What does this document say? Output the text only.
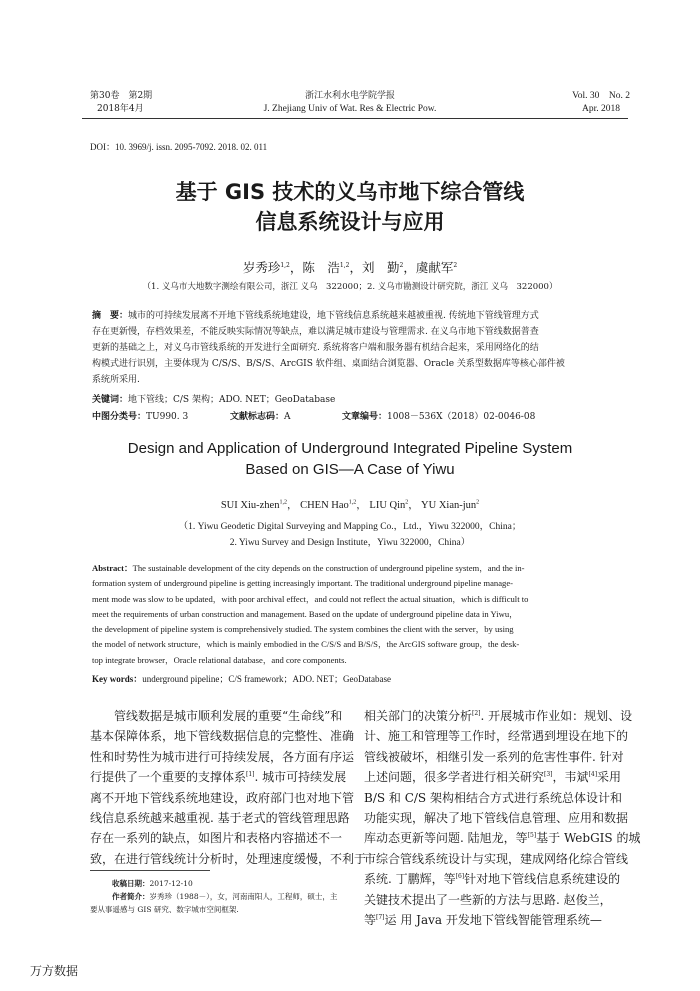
第30卷　第2期
2018年4月
浙江水利水电学院学报
J. Zhejiang Univ of Wat. Res & Electric Pow.
Vol. 30　No. 2
Apr. 2018
DOI：10. 3969/j. issn. 2095-7092. 2018. 02. 011
基于 GIS 技术的义乌市地下综合管线
信息系统设计与应用
岁秀珍$^{1,2}$，陈　浩$^{1,2}$，刘　勤$^2$，虞献军$^2$
（1. 义乌市大地数字测绘有限公司，浙江 义乌　322000；2. 义乌市勘测设计研究院，浙江 义乌　322000）
摘　要：城市的可持续发展离不开地下管线系统地建设，地下管线信息系统越来越被重视. 传统地下管线管理方式
存在更新慢，存档效果差，不能反映实际情况等缺点，难以满足城市建设与管理需求. 在义乌市地下管线数据普查
更新的基础之上，对义乌市管线系统的开发进行全面研究. 系统将客户端和服务器有机结合起来，采用网络化的结
构模式进行识别，主要体现为 C/S/S、B/S/S、ArcGIS 软件组、桌面结合浏览器、Oracle 关系型数据库等核心部件被
系统所采用.
关键词：地下管线；C/S 架构；ADO. NET；GeoDatabase
中图分类号：TU990. 3	文献标志码：A	文章编号：1008－536X（2018）02-0046-08
Design and Application of Underground Integrated Pipeline System
Based on GIS—A Case of Yiwu
SUI Xiu-zhen$^{1,2}$， CHEN Hao$^{1,2}$， LIU Qin$^2$， YU Xian-jun$^2$
（1. Yiwu Geodetic Digital Surveying and Mapping Co.，Ltd.，Yiwu 322000，China；
2. Yiwu Survey and Design Institute，Yiwu 322000，China）
Abstract：The sustainable development of the city depends on the construction of underground pipeline system，and the in-
formation system of underground pipeline is getting increasingly important. The traditional underground pipeline manage-
ment mode was slow to be updated，with poor archival effect，and could not reflect the actual situation，which is difficult to
meet the requirements of urban construction and management. Based on the update of underground pipeline data in Yiwu，
the development of pipeline system is comprehensively studied. The system combines the client with the server，by using
the model of network structure，which is mainly embodied in the C/S/S and B/S/S，the ArcGIS software group，the desk-
top integrate browser，Oracle relational database，and core components.
Key words：underground pipeline；C/S framework；ADO. NET；GeoDatabase
　　管线数据是城市顺利发展的重要“生命线”和
基本保障体系，地下管线数据信息的完整性、准确
性和时势性为城市进行可持续发展，各方面有序运
行提供了一个重要的支撑体系[1]. 城市可持续发展
离不开地下管线系统地建设，政府部门也对地下管
线信息系统越来越重视. 基于老式的管线管理思路
存在一系列的缺点，如图片和表格内容描述不一
致，在进行管线统计分析时，处理速度缓慢，不利于
收稿日期：2017-12-10
作者简介：岁秀珍（1988－），女，河南南阳人，工程师，硕士，主
要从事遥感与 GIS 研究、数字城市空间框架.
相关部门的决策分析[2]. 开展城市作业如：规划、设
计、施工和管理等工作时，经常遇到埋设在地下的
管线被破坏，相继引发一系列的危害性事件. 针对
上述问题，很多学者进行相关研究[3]，韦斌[4]采用
B/S 和 C/S 架构相结合方式进行系统总体设计和
功能实现，解决了地下管线信息管理、应用和数据
库动态更新等问题. 陆旭龙，等[5]基于 WebGIS 的城
市综合管线系统设计与实现，建成网络化综合管线
系统. 丁鹏辉，等[6]针对地下管线信息系统建设的
关键技术提出了一些新的方法与思路. 赵俊兰，
等[7]运 用 Java 开发地下管线智能管理系统—
万方数据
